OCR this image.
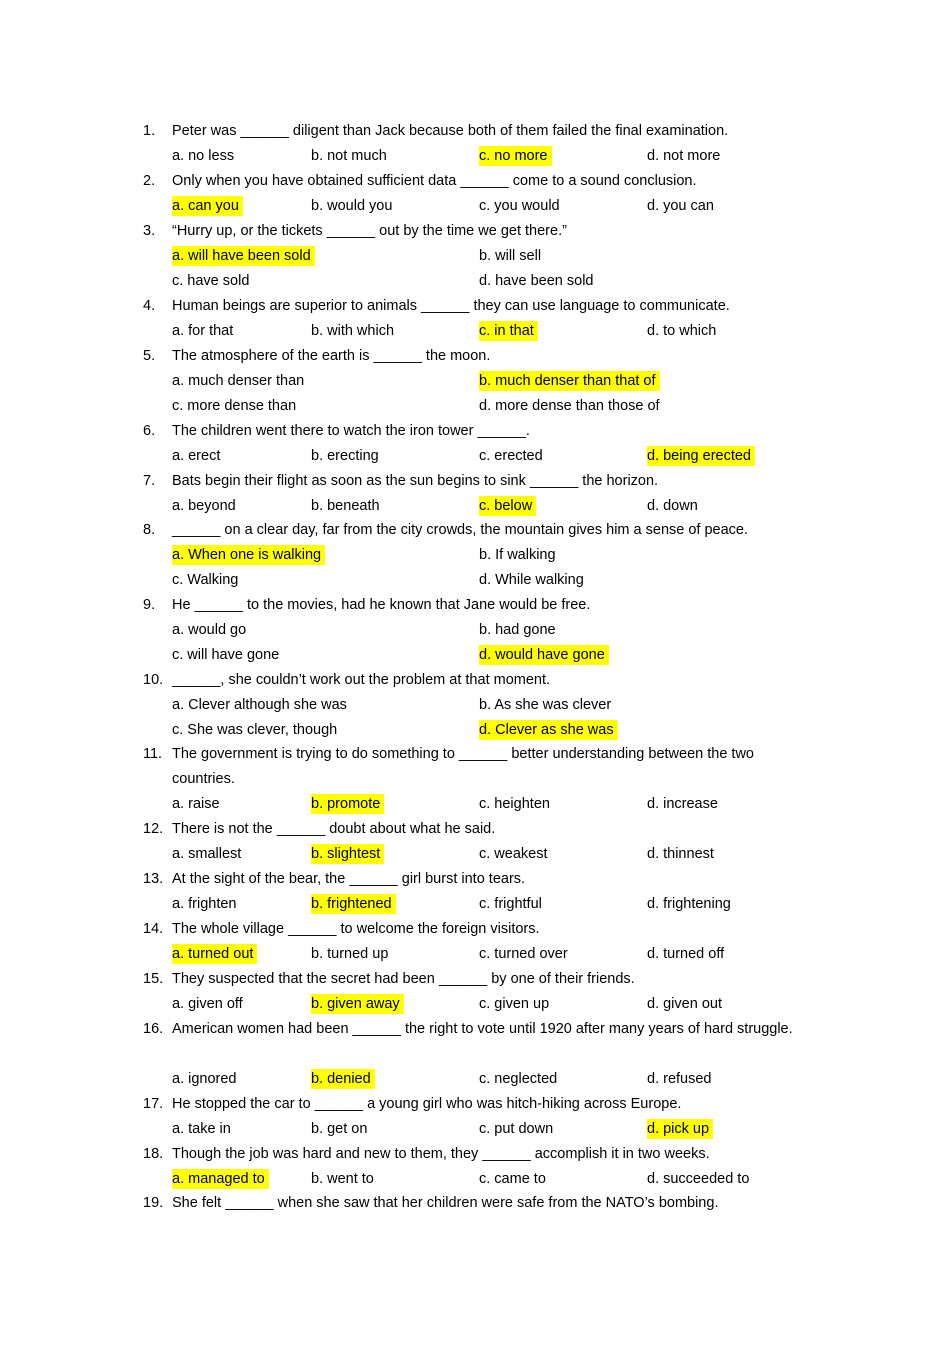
1. Peter was ______ diligent than Jack because both of them failed the final examination.
a. no less	b. not much	c. no more	d. not more
2. Only when you have obtained sufficient data ______ come to a sound conclusion.
a. can you	b. would you	c. you would	d. you can
3. “Hurry up, or the tickets ______ out by the time we get there.”
a. will have been sold	b. will sell
c. have sold	d. have been sold
4. Human beings are superior to animals ______ they can use language to communicate.
a. for that	b. with which	c. in that	d. to which
5. The atmosphere of the earth is ______ the moon.
a. much denser than	b. much denser than that of
c. more dense than	d. more dense than those of
6. The children went there to watch the iron tower ______.
a. erect	b. erecting	c. erected	d. being erected
7. Bats begin their flight as soon as the sun begins to sink ______ the horizon.
a. beyond	b. beneath	c. below	d. down
8. ______ on a clear day, far from the city crowds, the mountain gives him a sense of peace.
a. When one is walking	b. If walking
c. Walking	d. While walking
9. He ______ to the movies, had he known that Jane would be free.
a. would go	b. had gone
c. will have gone	d. would have gone
10. ______, she couldn’t work out the problem at that moment.
a. Clever although she was	b. As she was clever
c. She was clever, though	d. Clever as she was
11. The government is trying to do something to ______ better understanding between the two countries.
a. raise	b. promote	c. heighten	d. increase
12. There is not the ______ doubt about what he said.
a. smallest	b. slightest	c. weakest	d. thinnest
13. At the sight of the bear, the ______ girl burst into tears.
a. frighten	b. frightened	c. frightful	d. frightening
14. The whole village ______ to welcome the foreign visitors.
a. turned out	b. turned up	c. turned over	d. turned off
15. They suspected that the secret had been ______ by one of their friends.
a. given off	b. given away	c. given up	d. given out
16. American women had been ______ the right to vote until 1920 after many years of hard struggle.
a. ignored	b. denied	c. neglected	d. refused
17. He stopped the car to ______ a young girl who was hitch-hiking across Europe.
a. take in	b. get on	c. put down	d. pick up
18. Though the job was hard and new to them, they ______ accomplish it in two weeks.
a. managed to	b. went to	c. came to	d. succeeded to
19. She felt ______ when she saw that her children were safe from the NATO’s bombing.
